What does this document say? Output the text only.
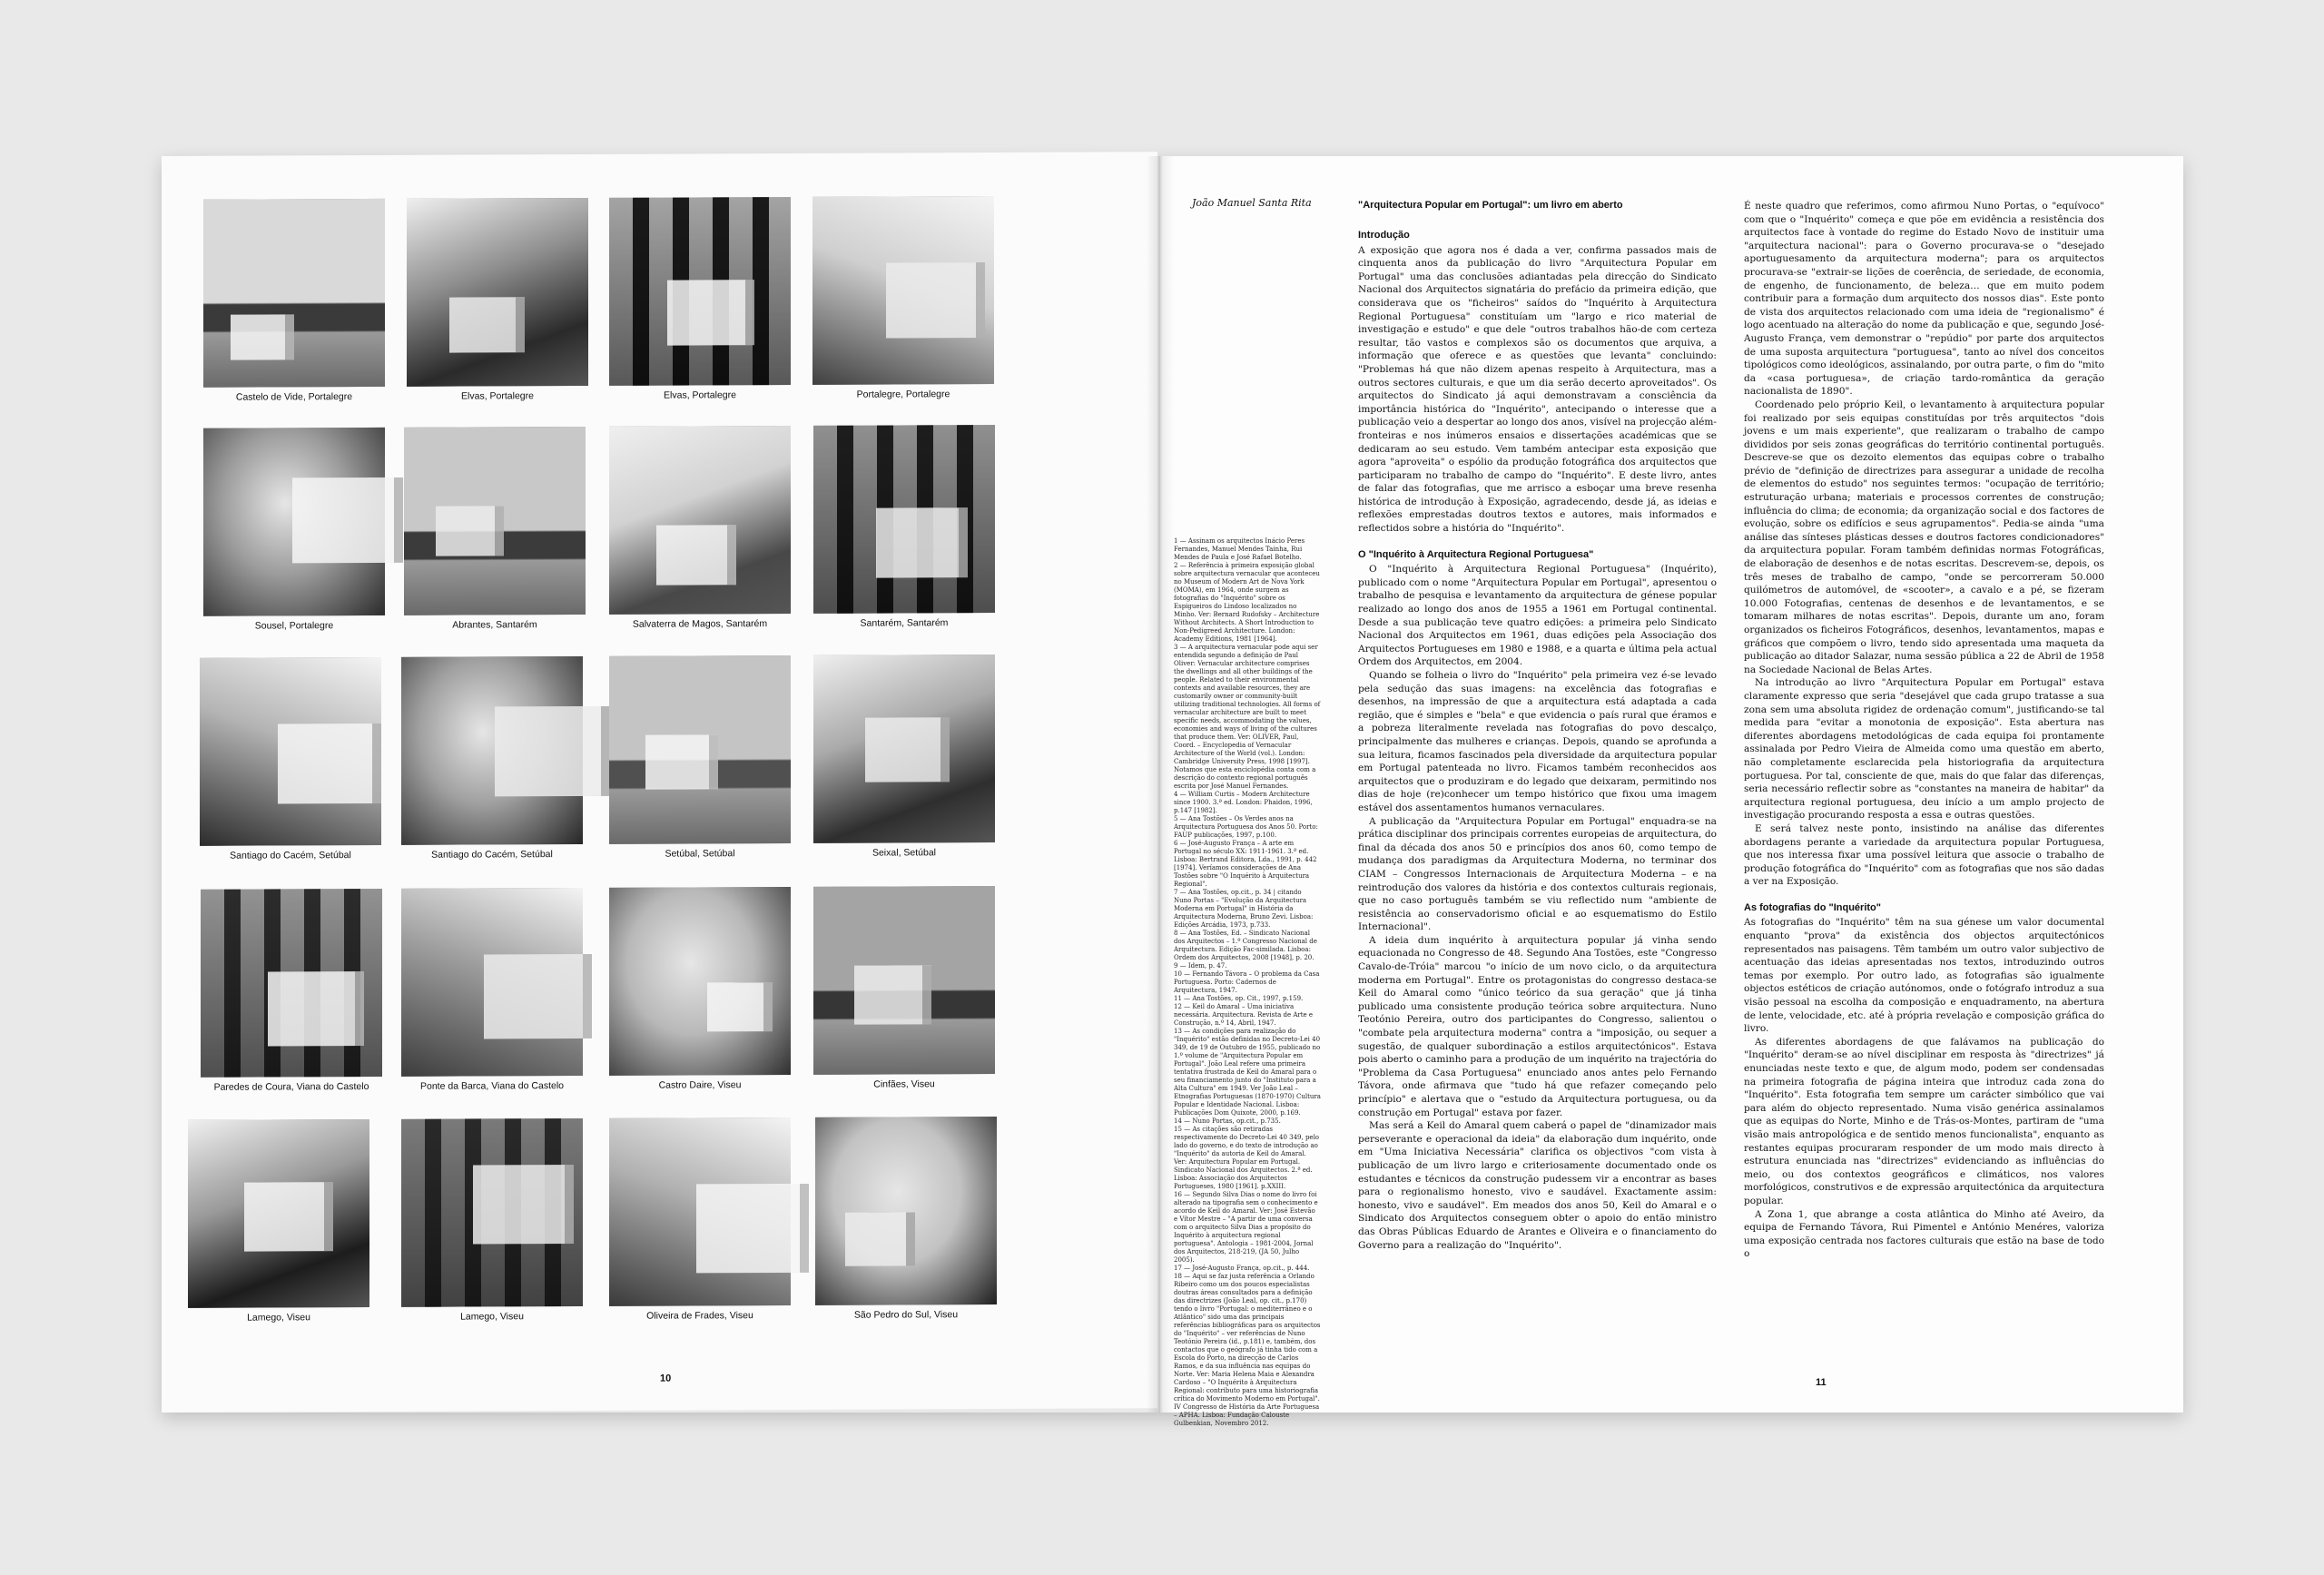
Castelo de Vide, Portalegre	Elvas, Portalegre	Elvas, Portalegre	Portalegre, Portalegre
Sousel, Portalegre	Abrantes, Santarém	Salvaterra de Magos, Santarém	Santarém, Santarém
Santiago do Cacém, Setúbal	Santiago do Cacém, Setúbal	Setúbal, Setúbal	Seixal, Setúbal
Paredes de Coura, Viana do Castelo	Ponte da Barca, Viana do Castelo	Castro Daire, Viseu	Cinfães, Viseu
Lamego, Viseu	Lamego, Viseu	Oliveira de Frades, Viseu	São Pedro do Sul, Viseu
10
João Manuel Santa Rita	"Arquitectura Popular em Portugal": um livro em aberto
Introdução

A exposição que agora nos é dada a ver, confirma passados mais de cinquenta anos da publicação do livro "Arquitectura Popular em Portugal" uma das conclusões adiantadas pela direcção do Sindicato Nacional dos Arquitectos signatária do prefácio da primeira edição, que considerava que os "ficheiros" saídos do "Inquérito à Arquitectura Regional Portuguesa" constituíam um "largo e rico material de investigação e estudo" e que dele "outros trabalhos hão-de com certeza resultar, tão vastos e complexos são os documentos que arquiva, a informação que oferece e as questões que levanta" concluindo: "Problemas há que não dizem apenas respeito à Arquitectura, mas a outros sectores culturais, e que um dia serão decerto aproveitados". Os arquitectos do Sindicato já aqui demonstravam a consciência da importância histórica do "Inquérito", antecipando o interesse que a publicação veio a despertar ao longo dos anos, visível na projecção além-fronteiras e nos inúmeros ensaios e dissertações académicas que se dedicaram ao seu estudo. Vem também antecipar esta exposição que agora "aproveita" o espólio da produção fotográfica dos arquitectos que participaram no trabalho de campo do "Inquérito". E deste livro, antes de falar das fotografias, que me arrisco a esboçar uma breve resenha histórica de introdução à Exposição, agradecendo, desde já, as ideias e reflexões emprestadas doutros textos e autores, mais informados e reflectidos sobre a história do "Inquérito".

O "Inquérito à Arquitectura Regional Portuguesa"

O "Inquérito à Arquitectura Regional Portuguesa" (Inquérito), publicado com o nome "Arquitectura Popular em Portugal", apresentou o trabalho de pesquisa e levantamento da arquitectura de génese popular realizado ao longo dos anos de 1955 a 1961 em Portugal continental. Desde a sua publicação teve quatro edições: a primeira pelo Sindicato Nacional dos Arquitectos em 1961, duas edições pela Associação dos Arquitectos Portugueses em 1980 e 1988, e a quarta e última pela actual Ordem dos Arquitectos, em 2004.

Quando se folheia o livro do "Inquérito" pela primeira vez é-se levado pela sedução das suas imagens: na excelência das fotografias e desenhos, na impressão de que a arquitectura está adaptada a cada região, que é simples e "bela" e que evidencia o país rural que éramos e a pobreza literalmente revelada nas fotografias do povo descalço, principalmente das mulheres e crianças. Depois, quando se aprofunda a sua leitura, ficamos fascinados pela diversidade da arquitectura popular em Portugal patenteada no livro. Ficamos também reconhecidos aos arquitectos que o produziram e do legado que deixaram, permitindo nos dias de hoje (re)conhecer um tempo histórico que fixou uma imagem estável dos assentamentos humanos vernaculares.

A publicação da "Arquitectura Popular em Portugal" enquadra-se na prática disciplinar dos principais correntes europeias de arquitectura, do final da década dos anos 50 e princípios dos anos 60, como tempo de mudança dos paradigmas da Arquitectura Moderna, no terminar dos CIAM – Congressos Internacionais de Arquitectura Moderna – e na reintrodução dos valores da história e dos contextos culturais regionais, que no caso português também se viu reflectido num "ambiente de resistência ao conservadorismo oficial e ao esquematismo do Estilo Internacional".

A ideia dum inquérito à arquitectura popular já vinha sendo equacionada no Congresso de 48. Segundo Ana Tostões, este "Congresso Cavalo-de-Tróia" marcou "o início de um novo ciclo, o da arquitectura moderna em Portugal". Entre os protagonistas do congresso destaca-se Keil do Amaral como "único teórico da sua geração" que já tinha publicado uma consistente produção teórica sobre arquitectura. Nuno Teotónio Pereira, outro dos participantes do Congresso, salientou o "combate pela arquitectura moderna" contra a "imposição, ou sequer a sugestão, de qualquer subordinação a estilos arquitectónicos". Estava pois aberto o caminho para a produção de um inquérito na trajectória do "Problema da Casa Portuguesa" enunciado anos antes pelo Fernando Távora, onde afirmava que "tudo há que refazer começando pelo princípio" e alertava que o "estudo da Arquitectura portuguesa, ou da construção em Portugal" estava por fazer.

Mas será a Keil do Amaral quem caberá o papel de "dinamizador mais perseverante e operacional da ideia" da elaboração dum inquérito, onde em "Uma Iniciativa Necessária" clarifica os objectivos "com vista à publicação de um livro largo e criteriosamente documentado onde os estudantes e técnicos da construção pudessem vir a encontrar as bases para o regionalismo honesto, vivo e saudável. Exactamente assim: honesto, vivo e saudável". Em meados dos anos 50, Keil do Amaral e o Sindicato dos Arquitectos conseguem obter o apoio do então ministro das Obras Públicas Eduardo de Arantes e Oliveira e o financiamento do Governo para a realização do "Inquérito".

É neste quadro que referimos, como afirmou Nuno Portas, o "equívoco" com que o "Inquérito" começa e que põe em evidência a resistência dos arquitectos face à vontade do regime do Estado Novo de instituir uma "arquitectura nacional": para o Governo procurava-se o "desejado aportuguesamento da arquitectura moderna"; para os arquitectos procurava-se "extrair-se lições de coerência, de seriedade, de economia, de engenho, de funcionamento, de beleza… que em muito podem contribuir para a formação dum arquitecto dos nossos dias". Este ponto de vista dos arquitectos relacionado com uma ideia de "regionalismo" é logo acentuado na alteração do nome da publicação e que, segundo José-Augusto França, vem demonstrar o "repúdio" por parte dos arquitectos de uma suposta arquitectura "portuguesa", tanto ao nível dos conceitos tipológicos como ideológicos, assinalando, por outra parte, o fim do "mito da «casa portuguesa», de criação tardo-romântica da geração nacionalista de 1890".

Coordenado pelo próprio Keil, o levantamento à arquitectura popular foi realizado por seis equipas constituídas por três arquitectos "dois jovens e um mais experiente", que realizaram o trabalho de campo divididos por seis zonas geográficas do território continental português. Descreve-se que os dezoito elementos das equipas cobre o trabalho prévio de "definição de directrizes para assegurar a unidade de recolha de elementos do estudo" nos seguintes termos: "ocupação de território; estruturação urbana; materiais e processos correntes de construção; influência do clima; de economia; da organização social e dos factores de evolução, sobre os edifícios e seus agrupamentos". Pedia-se ainda "uma análise das sínteses plásticas desses e doutros factores condicionadores" da arquitectura popular. Foram também definidas normas Fotográficas, de elaboração de desenhos e de notas escritas. Descrevem-se, depois, os três meses de trabalho de campo, "onde se percorreram 50.000 quilómetros de automóvel, de «scooter», a cavalo e a pé, se fizeram 10.000 Fotografias, centenas de desenhos e de levantamentos, e se tomaram milhares de notas escritas". Depois, durante um ano, foram organizados os ficheiros Fotográficos, desenhos, levantamentos, mapas e gráficos que compõem o livro, tendo sido apresentada uma maqueta da publicação ao ditador Salazar, numa sessão pública a 22 de Abril de 1958 na Sociedade Nacional de Belas Artes.

Na introdução ao livro "Arquitectura Popular em Portugal" estava claramente expresso que seria "desejável que cada grupo tratasse a sua zona sem uma absoluta rigidez de ordenação comum", justificando-se tal medida para "evitar a monotonia de exposição". Esta abertura nas diferentes abordagens metodológicas de cada equipa foi prontamente assinalada por Pedro Vieira de Almeida como uma questão em aberto, não completamente esclarecida pela historiografia da arquitectura portuguesa. Por tal, consciente de que, mais do que falar das diferenças, seria necessário reflectir sobre as "constantes na maneira de habitar" da arquitectura regional portuguesa, deu início a um amplo projecto de investigação procurando resposta a essa e outras questões.

E será talvez neste ponto, insistindo na análise das diferentes abordagens perante a variedade da arquitectura popular Portuguesa, que nos interessa fixar uma possível leitura que associe o trabalho de produção fotográfica do "Inquérito" com as fotografias que nos são dadas a ver na Exposição.

As fotografias do "Inquérito"

As fotografias do "Inquérito" têm na sua génese um valor documental enquanto "prova" da existência dos objectos arquitectónicos representados nas paisagens. Têm também um outro valor subjectivo de acentuação das ideias apresentadas nos textos, introduzindo outros temas por exemplo. Por outro lado, as fotografias são igualmente objectos estéticos de criação autónomos, onde o fotógrafo introduz a sua visão pessoal na escolha da composição e enquadramento, na abertura de lente, velocidade, etc. até à própria revelação e composição gráfica do livro.

As diferentes abordagens de que falávamos na publicação do "Inquérito" deram-se ao nível disciplinar em resposta às "directrizes" já enunciadas neste texto e que, de algum modo, podem ser condensadas na primeira fotografia de página inteira que introduz cada zona do "Inquérito". Esta fotografia tem sempre um carácter simbólico que vai para além do objecto representado. Numa visão genérica assinalamos que as equipas do Norte, Minho e de Trás-os-Montes, partiram de "uma visão mais antropológica e de sentido menos funcionalista", enquanto as restantes equipas procuraram responder de um modo mais directo à estrutura enunciada nas "directrizes" evidenciando as influências do meio, ou dos contextos geográficos e climáticos, nos valores morfológicos, construtivos e de expressão arquitectónica da arquitectura popular.

A Zona 1, que abrange a costa atlântica do Minho até Aveiro, da equipa de Fernando Távora, Rui Pimentel e António Menéres, valoriza uma exposição centrada nos factores culturais que estão na base de todo o

11

1 — Assinam os arquitectos Inácio Peres Fernandes, Manuel Mendes Tainha, Rui Mendes de Paula e José Rafael Botelho.

2 — Referência à primeira exposição global sobre arquitectura vernacular que aconteceu no Museum of Modern Art de Nova York (MOMA), em 1964, onde surgem as fotografias do "Inquérito" sobre os Espigueiros do Lindoso localizados no Minho. Ver: Bernard Rudofsky – Architecture Without Architects. A Short Introduction to Non-Pedigreed Architecture. London: Academy Editions, 1981 [1964].

3 — A arquitectura vernacular pode aqui ser entendida segundo a definição de Paul Oliver: Vernacular architecture comprises the dwellings and all other buildings of the people. Related to their environmental contexts and available resources, they are customarily owner or community-built utilizing traditional technologies. All forms of vernacular architecture are built to meet specific needs, accommodating the values, economies and ways of living of the cultures that produce them. Ver: OLIVER, Paul, Coord. – Encyclopedia of Vernacular Architecture of the World (vol.). London: Cambridge University Press, 1998 [1997]. Notamos que esta enciclopédia conta com a descrição do contexto regional português escrita por José Manuel Fernandes.

4 — William Curtis – Modern Architecture since 1900. 3.ª ed. London: Phaidon, 1996, p.147 [1982].

5 — Ana Tostões – Os Verdes anos na Arquitectura Portuguesa dos Anos 50. Porto: FAUP publicações, 1997, p.100.

6 — José-Augusto França – A arte em Portugal no século XX: 1911-1961. 3.ª ed. Lisboa: Bertrand Editora, Lda., 1991, p. 442 [1974]. Veríamos considerações de Ana Tostões sobre "O Inquérito à Arquitectura Regional".

7 — Ana Tostões, op.cit., p. 34 | citando Nuno Portas – "Evolução da Arquitectura Moderna em Portugal" in História da Arquitectura Moderna, Bruno Zevi. Lisboa: Edições Arcádia, 1973, p.733.

8 — Ana Tostões, Ed. – Sindicato Nacional dos Arquitectos – 1.º Congresso Nacional de Arquitectura. Edição Fac-similada. Lisboa: Ordem dos Arquitectos, 2008 [1948], p. 20.

9 — Idem, p. 47.

10 — Fernando Távora – O problema da Casa Portuguesa. Porto: Cadernos de Arquitectura, 1947.

11 — Ana Tostões, op. Cit., 1997, p.159.

12 — Keil do Amaral – Uma iniciativa necessária. Arquitectura. Revista de Arte e Construção, n.º 14, Abril, 1947.

13 — As condições para realização do "Inquérito" estão definidas no Decreto-Lei 40 349, de 19 de Outubro de 1955, publicado no 1.º volume de "Arquitectura Popular em Portugal". João Leal refere uma primeira tentativa frustrada de Keil do Amaral para o seu financiamento junto do "Instituto para a Alta Cultura" em 1949. Ver João Leal – Etnografias Portuguesas (1870-1970) Cultura Popular e Identidade Nacional. Lisboa: Publicações Dom Quixote, 2000, p.169.

14 — Nuno Portas, op.cit., p.735.

15 — As citações são retiradas respectivamente do Decreto-Lei 40 349, pelo lado do governo, e do texto de introdução ao "Inquérito" da autoria de Keil do Amaral. Ver: Arquitectura Popular em Portugal. Sindicato Nacional dos Arquitectos. 2.ª ed. Lisboa: Associação dos Arquitectos Portugueses, 1980 [1961]. p.XXIII.

16 — Segundo Silva Dias o nome do livro foi alterado na tipografia sem o conhecimento e acordo de Keil do Amaral. Ver: José Estevão e Vítor Mestre – "A partir de uma conversa com o arquitecto Silva Dias a propósito do Inquérito à arquitectura regional portuguesa". Antologia – 1981-2004, Jornal dos Arquitectos, 218-219, (JA 50, Julho 2005).

17 — José-Augusto França, op.cit., p. 444.

18 — Aqui se faz justa referência a Orlando Ribeiro como um dos poucos especialistas doutras áreas consultados para a definição das directrizes (João Leal, op. cit., p.170) tendo o livro "Portugal: o mediterrâneo e o Atlântico" sido uma das principais referências bibliográficas para os arquitectos do "Inquérito" – ver referências de Nuno Teotónio Pereira (id., p.181) e, também, dos contactos que o geógrafo já tinha tido com a Escola do Porto, na direcção de Carlos Ramos, e da sua influência nas equipas do Norte. Ver: Maria Helena Maia e Alexandra Cardoso – "O Inquérito à Arquitectura Regional: contributo para uma historiografia crítica do Movimento Moderno em Portugal". IV Congresso de História da Arte Portuguesa – APHA. Lisboa: Fundação Calouste Gulbenkian, Novembro 2012.
